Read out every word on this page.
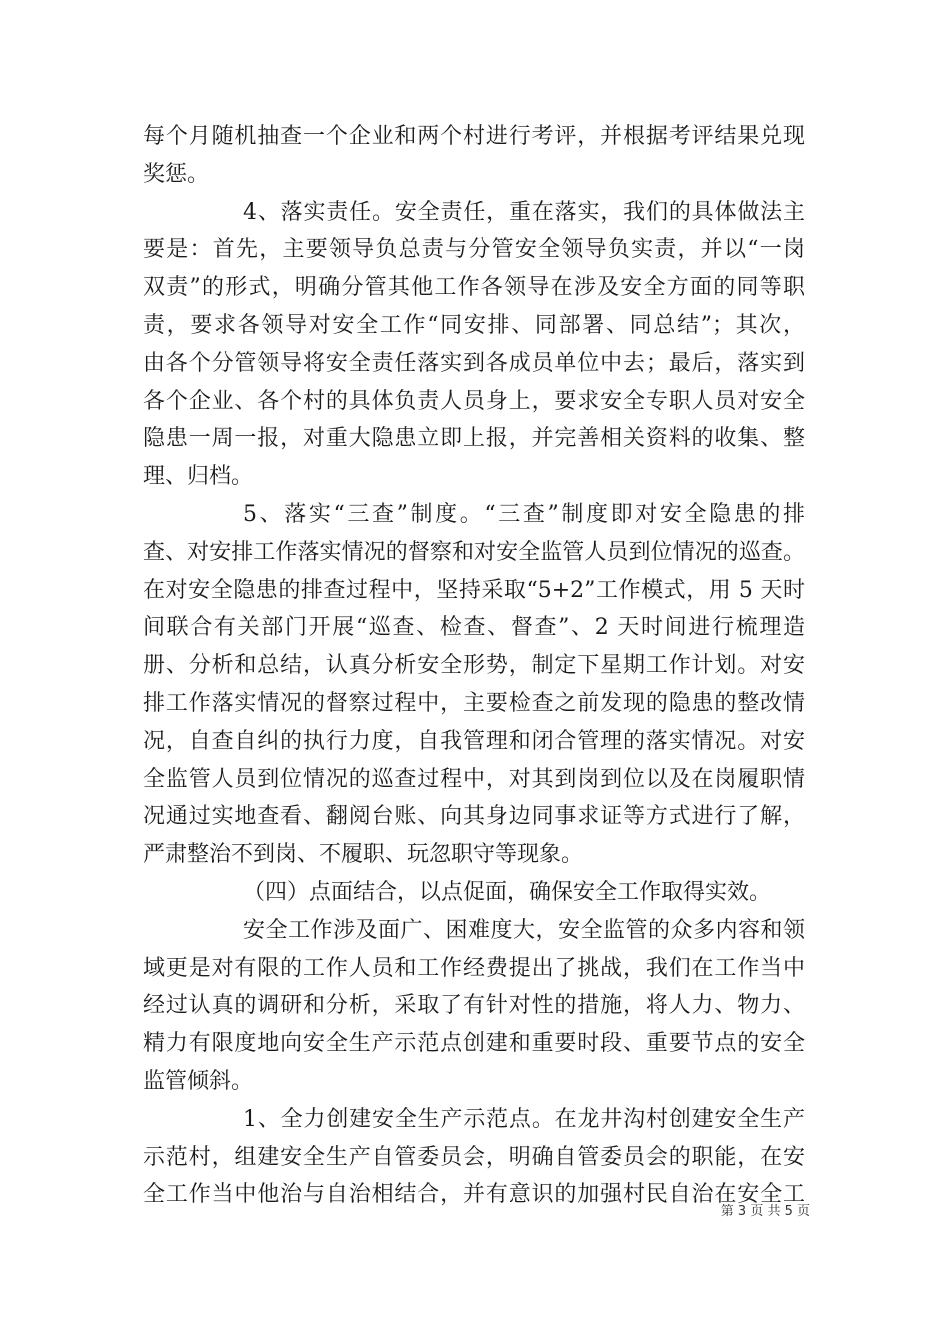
每个月随机抽查一个企业和两个村进行考评，并根据考评结果兑现
奖惩。
4、落实责任。安全责任，重在落实，我们的具体做法主
要是：首先，主要领导负总责与分管安全领导负实责，并以“一岗
双责”的形式，明确分管其他工作各领导在涉及安全方面的同等职
责，要求各领导对安全工作“同安排、同部署、同总结”；其次，
由各个分管领导将安全责任落实到各成员单位中去；最后，落实到
各个企业、各个村的具体负责人员身上，要求安全专职人员对安全
隐患一周一报，对重大隐患立即上报，并完善相关资料的收集、整
理、归档。
5、落实“三查”制度。“三查”制度即对安全隐患的排
查、对安排工作落实情况的督察和对安全监管人员到位情况的巡查。
在对安全隐患的排查过程中，坚持采取“5+2”工作模式，用 5 天时
间联合有关部门开展“巡查、检查、督查”、2 天时间进行梳理造
册、分析和总结，认真分析安全形势，制定下星期工作计划。对安
排工作落实情况的督察过程中，主要检查之前发现的隐患的整改情
况，自查自纠的执行力度，自我管理和闭合管理的落实情况。对安
全监管人员到位情况的巡查过程中，对其到岗到位以及在岗履职情
况通过实地查看、翻阅台账、向其身边同事求证等方式进行了解，
严肃整治不到岗、不履职、玩忽职守等现象。
（四）点面结合，以点促面，确保安全工作取得实效。
安全工作涉及面广、困难度大，安全监管的众多内容和领
域更是对有限的工作人员和工作经费提出了挑战，我们在工作当中
经过认真的调研和分析，采取了有针对性的措施，将人力、物力、
精力有限度地向安全生产示范点创建和重要时段、重要节点的安全
监管倾斜。
1、全力创建安全生产示范点。在龙井沟村创建安全生产
示范村，组建安全生产自管委员会，明确自管委员会的职能，在安
全工作当中他治与自治相结合，并有意识的加强村民自治在安全工
第 3 页 共 5 页
